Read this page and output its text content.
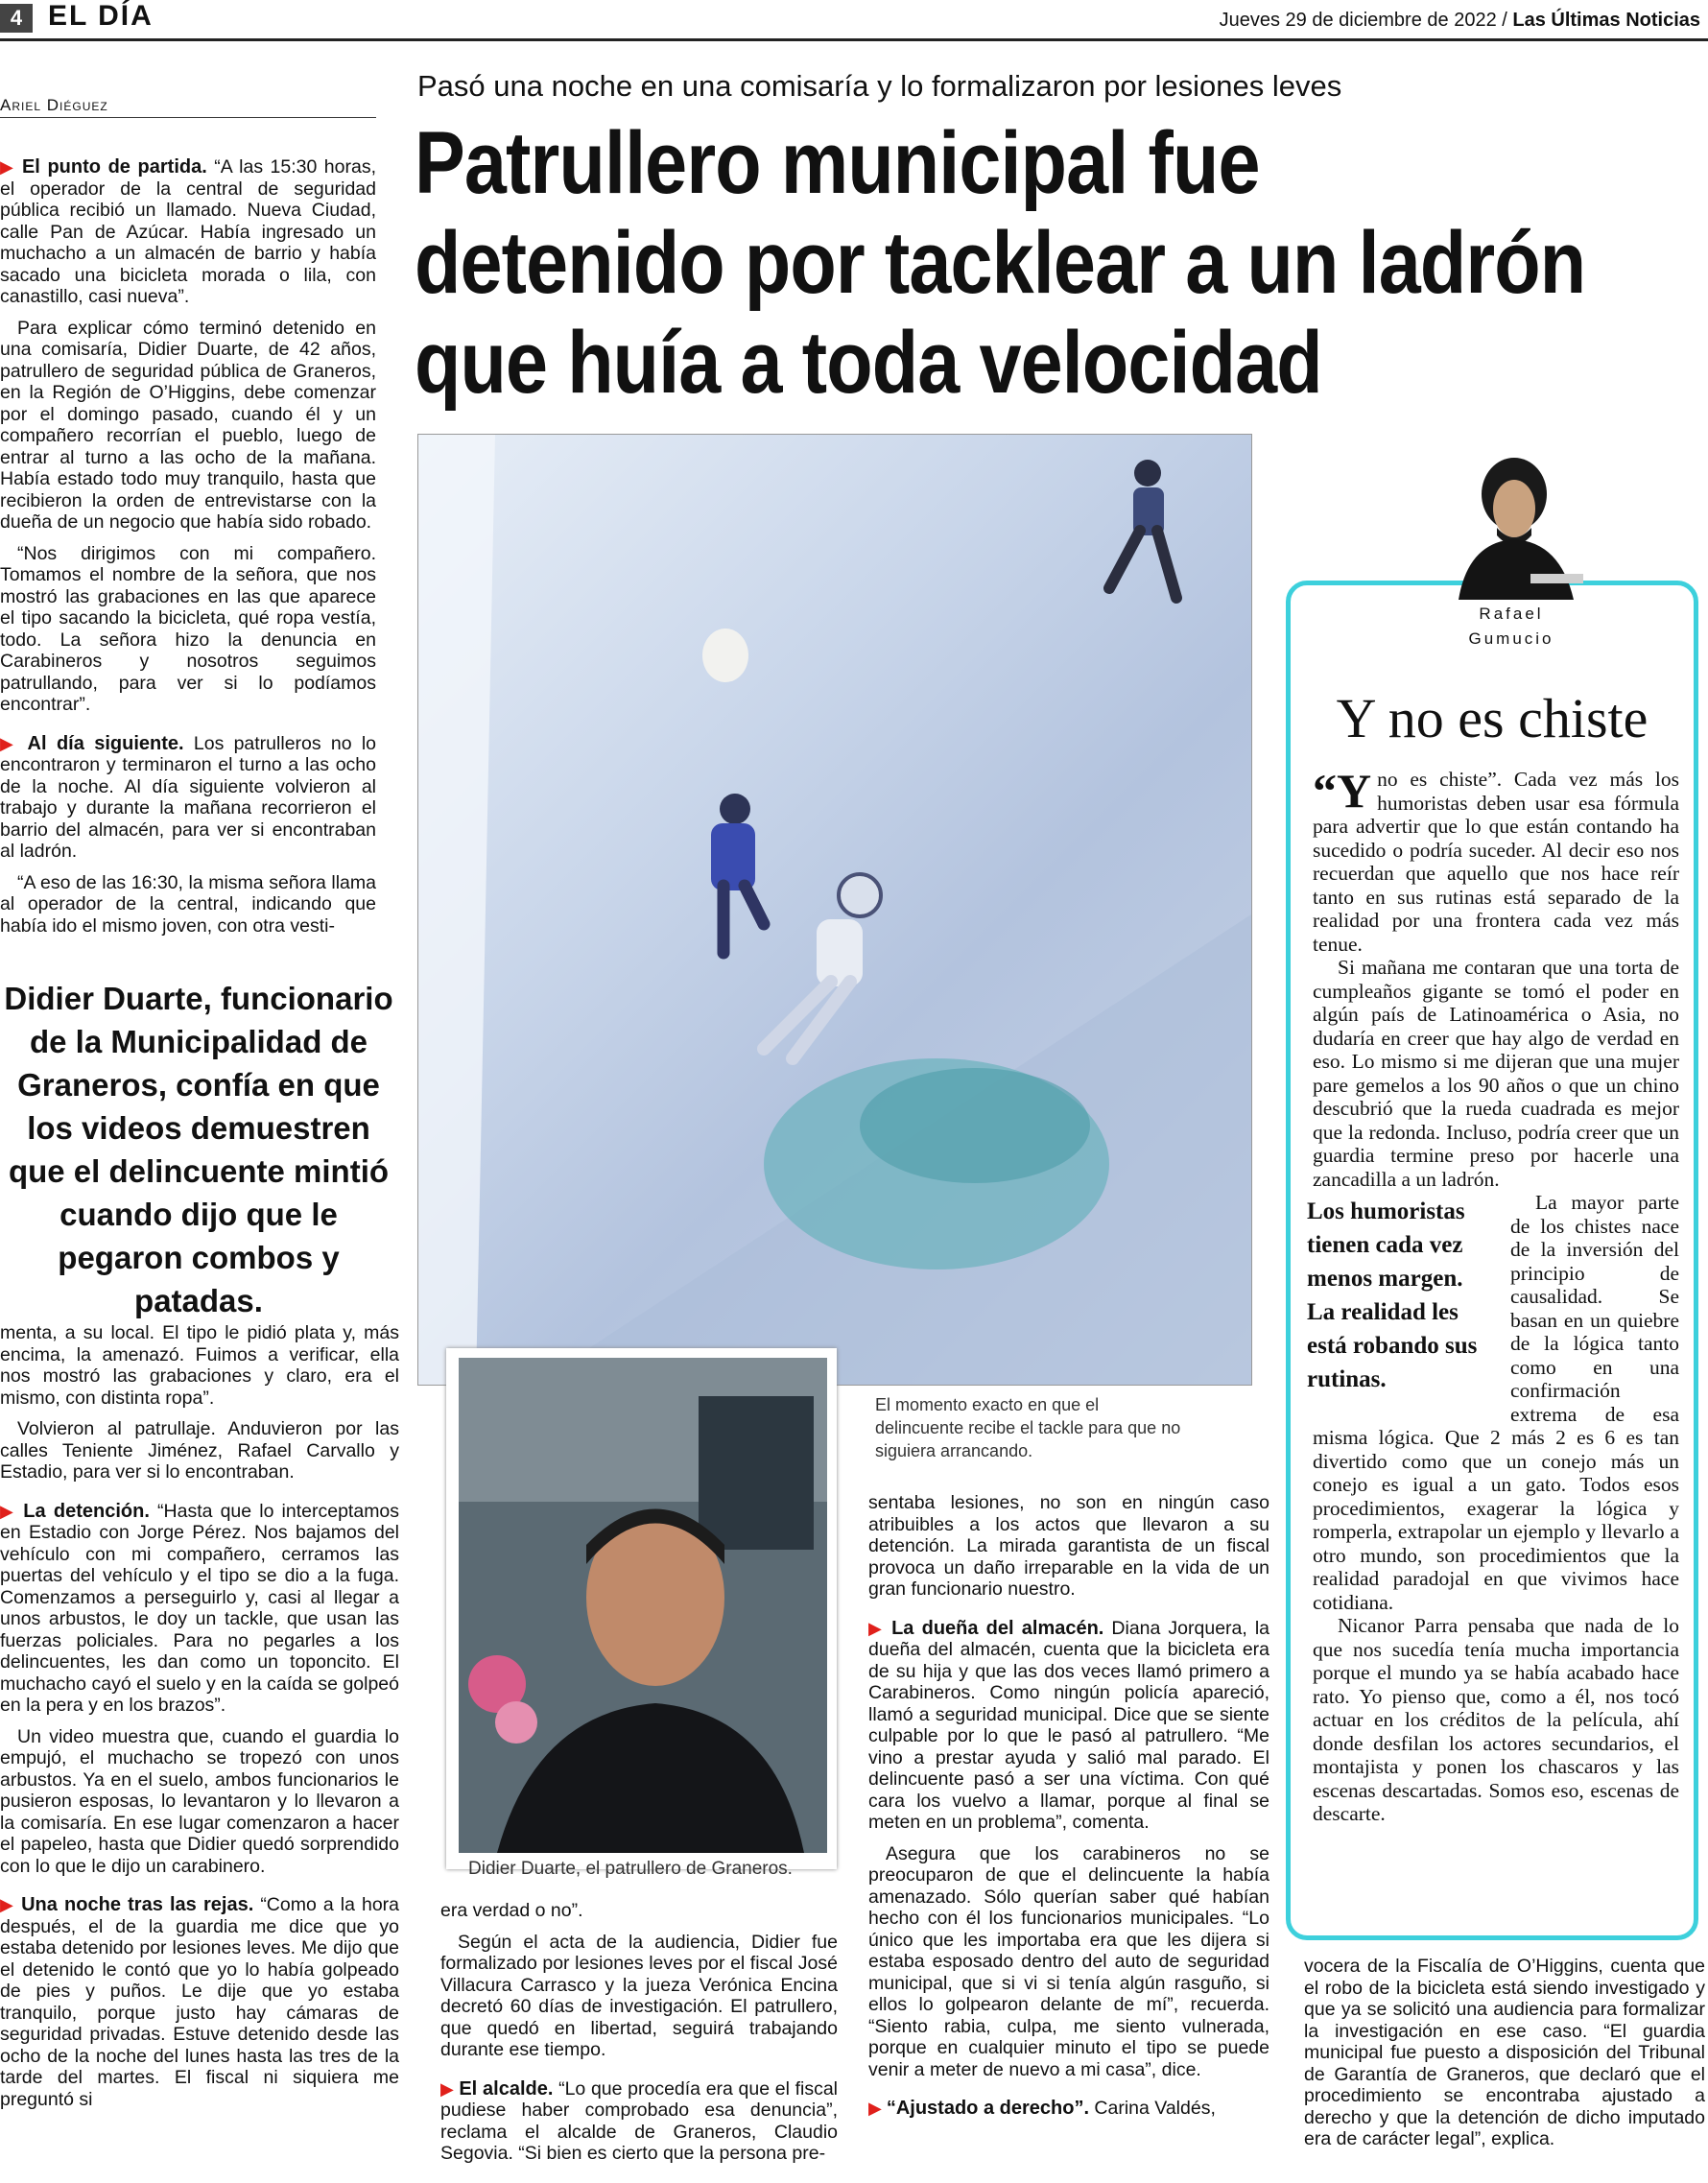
4 EL DÍA	Jueves 29 de diciembre de 2022 / Las Últimas Noticias
Pasó una noche en una comisaría y lo formalizaron por lesiones leves
Patrullero municipal fue
detenido por tacklear a un ladrón
que huía a toda velocidad
Ariel Diéguez

▶ El punto de partida. “A las 15:30 horas, el operador de la central de seguridad pública recibió un llamado. Nueva Ciudad, calle Pan de Azúcar. Había ingresado un muchacho a un almacén de barrio y había sacado una bicicleta morada o lila, con canastillo, casi nueva”.

Para explicar cómo terminó detenido en una comisaría, Didier Duarte, de 42 años, patrullero de seguridad pública de Graneros, en la Región de O’Higgins, debe comenzar por el domingo pasado, cuando él y un compañero recorrían el pueblo, luego de entrar al turno a las ocho de la mañana. Había estado todo muy tranquilo, hasta que recibieron la orden de entrevistarse con la dueña de un negocio que había sido robado.

“Nos dirigimos con mi compañero. Tomamos el nombre de la señora, que nos mostró las grabaciones en las que aparece el tipo sacando la bicicleta, qué ropa vestía, todo. La señora hizo la denuncia en Carabineros y nosotros seguimos patrullando, para ver si lo podíamos encontrar”.

▶ Al día siguiente. Los patrulleros no lo encontraron y terminaron el turno a las ocho de la noche. Al día siguiente volvieron al trabajo y durante la mañana recorrieron el barrio del almacén, para ver si encontraban al ladrón.

“A eso de las 16:30, la misma señora llama al operador de la central, indicando que había ido el mismo joven, con otra vesti-

Didier Duarte, funcionario de la Municipalidad de Graneros, confía en que los videos demuestren que el delincuente mintió cuando dijo que le pegaron combos y patadas.

menta, a su local. El tipo le pidió plata y, más encima, la amenazó. Fuimos a verificar, ella nos mostró las grabaciones y claro, era el mismo, con distinta ropa”.

Volvieron al patrullaje. Anduvieron por las calles Teniente Jiménez, Rafael Carvallo y Estadio, para ver si lo encontraban.

▶ La detención. “Hasta que lo interceptamos en Estadio con Jorge Pérez. Nos bajamos del vehículo con mi compañero, cerramos las puertas del vehículo y el tipo se dio a la fuga. Comenzamos a perseguirlo y, casi al llegar a unos arbustos, le doy un tackle, que usan las fuerzas policiales. Para no pegarles a los delincuentes, les dan como un toponcito. El muchacho cayó el suelo y en la caída se golpeó en la pera y en los brazos”.

Un video muestra que, cuando el guardia lo empujó, el muchacho se tropezó con unos arbustos. Ya en el suelo, ambos funcionarios le pusieron esposas, lo levantaron y lo llevaron a la comisaría. En ese lugar comenzaron a hacer el papeleo, hasta que Didier quedó sorprendido con lo que le dijo un carabinero.

▶ Una noche tras las rejas. “Como a la hora después, el de la guardia me dice que yo estaba detenido por lesiones leves. Me dijo que el detenido le contó que yo lo había golpeado de pies y puños. Le dije que yo estaba tranquilo, porque justo hay cámaras de seguridad privadas. Estuve detenido desde las ocho de la noche del lunes hasta las tres de la tarde del martes. El fiscal ni siquiera me preguntó si

El momento exacto en que el delincuente recibe el tackle para que no siguiera arrancando.
Didier Duarte, el patrullero de Graneros.

sentaba lesiones, no son en ningún caso atribuibles a los actos que llevaron a su detención. La mirada garantista de un fiscal provoca un daño irreparable en la vida de un gran funcionario nuestro.

▶ La dueña del almacén. Diana Jorquera, la dueña del almacén, cuenta que la bicicleta era de su hija y que las dos veces llamó primero a Carabineros. Como ningún policía apareció, llamó a seguridad municipal. Dice que se siente culpable por lo que le pasó al patrullero. “Me vino a prestar ayuda y salió mal parado. El delincuente pasó a ser una víctima. Con qué cara los vuelvo a llamar, porque al final se meten en un problema”, comenta.

Asegura que los carabineros no se preocuparon de que el delincuente la había amenazado. Sólo querían saber qué habían hecho con él los funcionarios municipales. “Lo único que les importaba era que les dijera si estaba esposado dentro del auto de seguridad municipal, que si vi si tenía algún rasguño, si ellos lo golpearon delante de mí”, recuerda. “Siento rabia, culpa, me siento vulnerada, porque en cualquier minuto el tipo se puede venir a meter de nuevo a mi casa”, dice.

▶ “Ajustado a derecho”. Carina Valdés,

era verdad o no”.

Según el acta de la audiencia, Didier fue formalizado por lesiones leves por el fiscal José Villacura Carrasco y la jueza Verónica Encina decretó 60 días de investigación. El patrullero, que quedó en libertad, seguirá trabajando durante ese tiempo.

▶ El alcalde. “Lo que procedía era que el fiscal pudiese haber comprobado esa denuncia”, reclama el alcalde de Graneros, Claudio Segovia. “Si bien es cierto que la persona pre-

vocera de la Fiscalía de O’Higgins, cuenta que el robo de la bicicleta está siendo investigado y que ya se solicitó una audiencia para formalizar la investigación en ese caso. “El guardia municipal fue puesto a disposición del Tribunal de Garantía de Graneros, que declaró que el procedimiento se encontraba ajustado a derecho y que la detención de dicho imputado era de carácter legal”, explica.

Rafael
Gumucio
Y no es chiste

“Yno es chiste”. Cada vez más los humoristas deben usar esa fórmula para advertir que lo que están contando ha sucedido o podría suceder. Al decir eso nos recuerdan que aquello que nos hace reír tanto en sus rutinas está separado de la realidad por una frontera cada vez más tenue.

Si mañana me contaran que una torta de cumpleaños gigante se tomó el poder en algún país de Latinoamérica o Asia, no dudaría en creer que hay algo de verdad en eso. Lo mismo si me dijeran que una mujer pare gemelos a los 90 años o que un chino descubrió que la rueda cuadrada es mejor que la redonda. Incluso, podría creer que un guardia termine preso por hacerle una zancadilla a un ladrón.

Los humoristas tienen cada vez menos margen. La realidad les está robando sus rutinas.

La mayor parte de los chistes nace de la inversión del principio de causalidad. Se basan en un quiebre de la lógica tanto como en una confirmación extrema de esa misma lógica. Que 2 más 2 es 6 es tan divertido como que un conejo más un conejo es igual a un gato. Todos esos procedimientos, exagerar la lógica y romperla, extrapolar un ejemplo y llevarlo a otro mundo, son procedimientos que la realidad paradojal en que vivimos hace cotidiana.

Nicanor Parra pensaba que nada de lo que nos sucedía tenía mucha importancia porque el mundo ya se había acabado hace rato. Yo pienso que, como a él, nos tocó actuar en los créditos de la película, ahí donde desfilan los actores secundarios, el montajista y ponen los chascaros y las escenas descartadas. Somos eso, escenas de descarte.
